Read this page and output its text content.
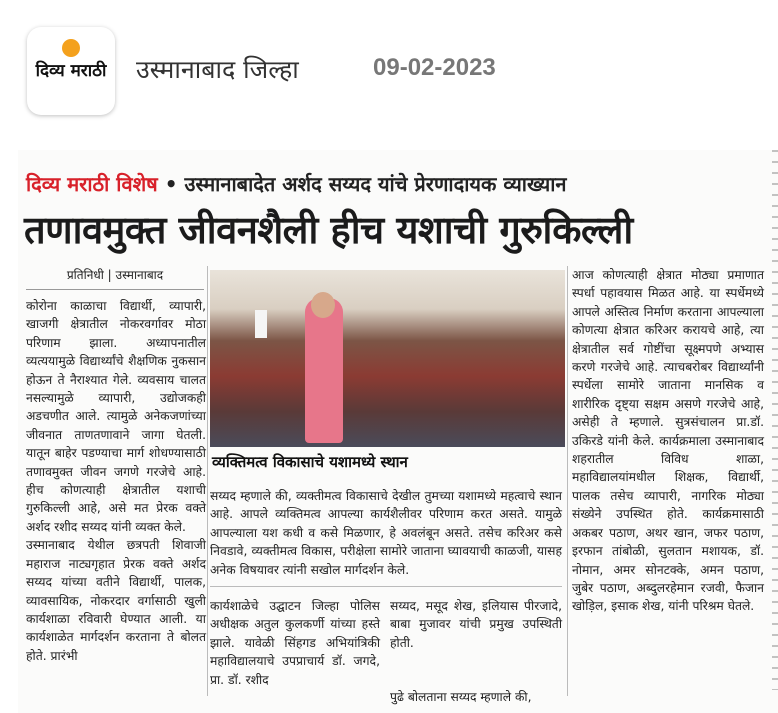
दिव्य मराठी	उस्मानाबाद जिल्हा	09-02-2023
दिव्य मराठी विशेष • उस्मानाबादेत अर्शद सय्यद यांचे प्रेरणादायक व्याख्यान
तणावमुक्त जीवनशैली हीच यशाची गुरुकिल्ली
प्रतिनिधी | उस्मानाबाद

कोरोना काळाचा विद्यार्थी, व्यापारी, खाजगी क्षेत्रातील नोकरवर्गावर मोठा परिणाम झाला. अध्यापनातील व्यत्ययामुळे विद्यार्थ्यांचे शैक्षणिक नुकसान होऊन ते नैराश्यात गेले. व्यवसाय चालत नसल्यामुळे व्यापारी, उद्योजकही अडचणीत आले. त्यामुळे अनेकजणांच्या जीवनात ताणतणावाने जागा घेतली. यातून बाहेर पडण्याचा मार्ग शोधण्यासाठी तणावमुक्त जीवन जगणे गरजेचे आहे. हीच कोणत्याही क्षेत्रातील यशाची गुरुकिल्ली आहे, असे मत प्रेरक वक्ते अर्शद रशीद सय्यद यांनी व्यक्त केले.

उस्मानाबाद येथील छत्रपती शिवाजी महाराज नाट्यगृहात प्रेरक वक्ते अर्शद सय्यद यांच्या वतीने विद्यार्थी, पालक, व्यावसायिक, नोकरदार वर्गासाठी खुली कार्यशाळा रविवारी घेण्यात आली. या कार्यशाळेत मार्गदर्शन करताना ते बोलत होते. प्रारंभी

व्यक्तिमत्व विकासाचे यशामध्ये स्थान

सय्यद म्हणाले की, व्यक्तीमत्व विकासाचे देखील तुमच्या यशामध्ये महत्वाचे स्थान आहे. आपले व्यक्तिमत्व आपल्या कार्यशैलीवर परिणाम करत असते. यामुळे आपल्याला यश कधी व कसे मिळणार, हे अवलंबून असते. तसेच करिअर कसे निवडावे, व्यक्तीमत्व विकास, परीक्षेला सामोरे जाताना घ्यावयाची काळजी, यासह अनेक विषयावर त्यांनी सखोल मार्गदर्शन केले.

कार्यशाळेचे उद्घाटन जिल्हा पोलिस अधीक्षक अतुल कुलकर्णी यांच्या हस्ते झाले. यावेळी सिंहगड अभियांत्रिकी महाविद्यालयाचे उपप्राचार्य डॉ. जगदे, प्रा. डॉ. रशीद

सय्यद, मसूद शेख, इलियास पीरजादे, बाबा मुजावर यांची प्रमुख उपस्थिती होती.

पुढे बोलताना सय्यद म्हणाले की,

आज कोणत्याही क्षेत्रात मोठ्या प्रमाणात स्पर्धा पहावयास मिळत आहे. या स्पर्धेमध्ये आपले अस्तित्व निर्माण करताना आपल्याला कोणत्या क्षेत्रात करिअर करायचे आहे, त्या क्षेत्रातील सर्व गोष्टींचा सूक्ष्मपणे अभ्यास करणे गरजेचे आहे. त्याचबरोबर विद्यार्थ्यांनी स्पर्धेला सामोरे जाताना मानसिक व शारीरिक दृष्ट्या सक्षम असणे गरजेचे आहे, असेही ते म्हणाले. सुत्रसंचालन प्रा.डॉ. उकिरडे यांनी केले. कार्यक्रमाला उस्मानाबाद शहरातील विविध शाळा, महाविद्यालयांमधील शिक्षक, विद्यार्थी, पालक तसेच व्यापारी, नागरिक मोठ्या संख्येने उपस्थित होते. कार्यक्रमासाठी अकबर पठाण, अथर खान, जफर पठाण, इरफान तांबोळी, सुलतान मशायक, डॉ. नोमान, अमर सोनटक्के, अमन पठाण, जुबेर पठाण, अब्दुलरहेमान रजवी, फैजान खोड़िल, इसाक शेख, यांनी परिश्रम घेतले.
